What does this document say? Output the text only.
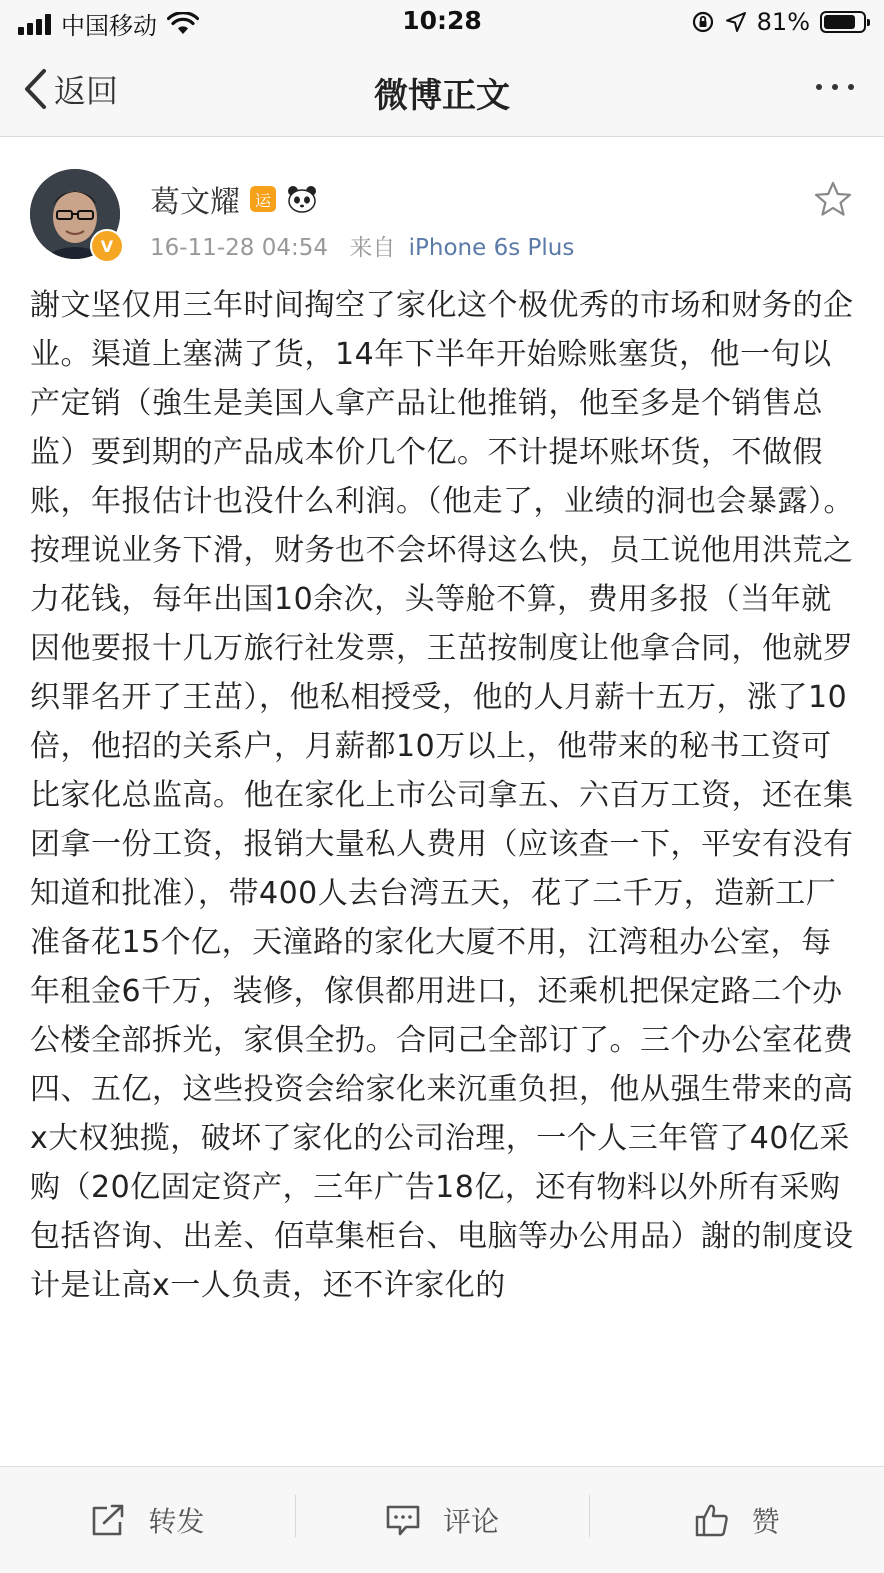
中国移动	10:28	81%
返回	微博正文
V
葛文耀 运
16-11-28 04:54 来自 iPhone 6s Plus
謝文坚仅用三年时间掏空了家化这个极优秀的市场和财务的企业。渠道上塞满了货，14年下半年开始赊账塞货，他一句以产定销（強生是美国人拿产品让他推销，他至多是个销售总监）要到期的产品成本价几个亿。不计提坏账坏货，不做假账，年报估计也没什么利润。（他走了，业绩的洞也会暴露）。按理说业务下滑，财务也不会坏得这么快，员工说他用洪荒之力花钱，每年出国10余次，头等舱不算，费用多报（当年就因他要报十几万旅行社发票，王茁按制度让他拿合同，他就罗织罪名开了王茁），他私相授受，他的人月薪十五万，涨了10倍，他招的关系户，月薪都10万以上，他带来的秘书工资可比家化总监高。他在家化上市公司拿五、六百万工资，还在集团拿一份工资，报销大量私人费用（应该查一下，平安有没有知道和批准），带400人去台湾五天，花了二千万，造新工厂准备花15个亿，天潼路的家化大厦不用，江湾租办公室，每年租金6千万，装修，傢俱都用进口，还乘机把保定路二个办公楼全部拆光，家俱全扔。合同己全部订了。三个办公室花费四、五亿，这些投资会给家化来沉重负担，他从强生带来的高x大权独揽，破坏了家化的公司治理，一个人三年管了40亿采购（20亿固定资产，三年广告18亿，还有物料以外所有采购包括咨询、出差、佰草集柜台、电脑等办公用品）謝的制度设计是让高x一人负责，还不许家化的
转发	评论	赞
